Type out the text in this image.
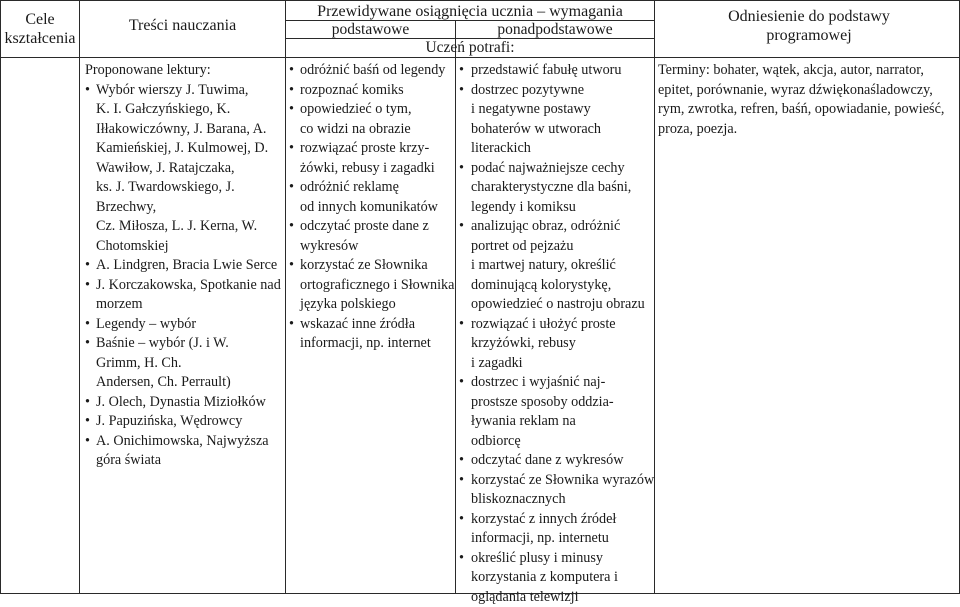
Cele kształcenia
Treści nauczania
Przewidywane osiągnięcia ucznia – wymagania
podstawowe	ponadpodstawowe
Uczeń potrafi:
Odniesienie do podstawy programowej
Proponowane lektury:
• Wybór wierszy J. Tuwima,
K. I. Gałczyńskiego, K.
Iłłakowiczówny, J. Barana, A.
Kamieńskiej, J. Kulmowej, D.
Wawiłow, J. Ratajczaka,
ks. J. Twardowskiego, J.
Brzechwy,
Cz. Miłosza, L. J. Kerna, W.
Chotomskiej
• A. Lindgren, Bracia Lwie Serce
• J. Korczakowska, Spotkanie nad
morzem
• Legendy – wybór
• Baśnie – wybór (J. i W.
Grimm, H. Ch.
Andersen, Ch. Perrault)
• J. Olech, Dynastia Miziołków
• J. Papuzińska, Wędrowcy
• A. Onichimowska, Najwyższa
góra świata
• odróżnić baśń od legendy
• rozpoznać komiks
• opowiedzieć o tym,
co widzi na obrazie
• rozwiązać proste krzy-
żówki, rebusy i zagadki
• odróżnić reklamę
od innych komunikatów
• odczytać proste dane z
wykresów
• korzystać ze Słownika
ortograficznego i Słownika
języka polskiego
• wskazać inne źródła
informacji, np. internet
• przedstawić fabułę utworu
• dostrzec pozytywne
i negatywne postawy
bohaterów w utworach
literackich
• podać najważniejsze cechy
charakterystyczne dla baśni,
legendy i komiksu
• analizując obraz, odróżnić
portret od pejzażu
i martwej natury, określić
dominującą kolorystykę,
opowiedzieć o nastroju obrazu
• rozwiązać i ułożyć proste
krzyżówki, rebusy
i zagadki
• dostrzec i wyjaśnić naj-
prostsze sposoby oddzia-
ływania reklam na
odbiorcę
• odczytać dane z wykresów
• korzystać ze Słownika wyrazów
bliskoznacznych
• korzystać z innych źródeł
informacji, np. internetu
• określić plusy i minusy
korzystania z komputera i
oglądania telewizji
Terminy: bohater, wątek, akcja, autor, narrator,
epitet, porównanie, wyraz dźwiękonaśladowczy,
rym, zwrotka, refren, baśń, opowiadanie, powieść,
proza, poezja.
